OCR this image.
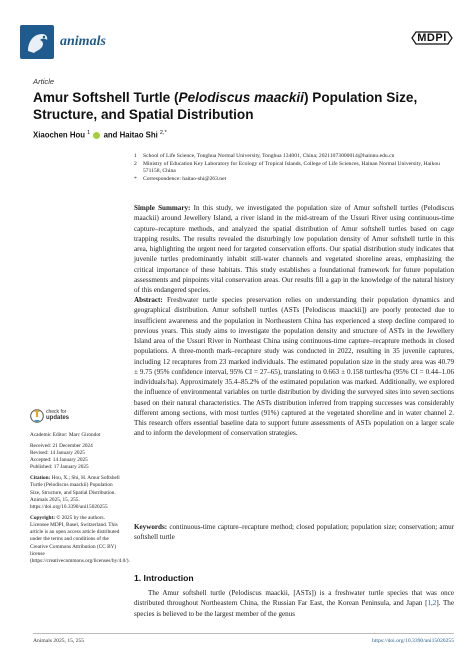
animals	MDPI
Article
Amur Softshell Turtle (Pelodiscus maackii) Population Size, Structure, and Spatial Distribution
Xiaochen Hou $^1$ and Haitao Shi $^{2,*}$
1	School of Life Science, Tonghua Normal University, Tonghua 134001, China; 20211073000014@hainnu.edu.cn
2	Ministry of Education Key Laboratory for Ecology of Tropical Islands, College of Life Sciences, Hainan Normal University, Haikou 571158, China
*	Correspondence: haitao-shi@263.net
Simple Summary: In this study, we investigated the population size of Amur softshell turtles (Pelodiscus maackii) around Jewellery Island, a river island in the mid-stream of the Ussuri River using continuous-time capture–recapture methods, and analyzed the spatial distribution of Amur softshell turtles based on cage trapping results. The results revealed the disturbingly low population density of Amur softshell turtle in this area, highlighting the urgent need for targeted conservation efforts. Our spatial distribution study indicates that juvenile turtles predominantly inhabit still-water channels and vegetated shoreline areas, emphasizing the critical importance of these habitats. This study establishes a foundational framework for future population assessments and pinpoints vital conservation areas. Our results fill a gap in the knowledge of the natural history of this endangered species.
Abstract: Freshwater turtle species preservation relies on understanding their population dynamics and geographical distribution. Amur softshell turtles (ASTs [Pelodiscus maackii]) are poorly protected due to insufficient awareness and the population in Northeastern China has experienced a steep decline compared to previous years. This study aims to investigate the population density and structure of ASTs in the Jewellery Island area of the Ussuri River in Northeast China using continuous-time capture–recapture methods in closed populations. A three-month mark–recapture study was conducted in 2022, resulting in 35 juvenile captures, including 12 recaptures from 23 marked individuals. The estimated population size in the study area was 40.79 ± 9.75 (95% confidence interval, 95% CI = 27–65), translating to 0.663 ± 0.158 turtles/ha (95% CI = 0.44–1.06 individuals/ha). Approximately 35.4–85.2% of the estimated population was marked. Additionally, we explored the influence of environmental variables on turtle distribution by dividing the surveyed sites into seven sections based on their natural characteristics. The ASTs distribution inferred from trapping successes was considerably different among sections, with most turtles (91%) captured at the vegetated shoreline and in water channel 2. This research offers essential baseline data to support future assessments of ASTs population on a larger scale and to inform the development of conservation strategies.
Keywords: continuous-time capture–recapture method; closed population; population size; conservation; amur softshell turtle
check for
updates

Academic Editor: Marc Girondot

Received: 21 December 2024
Revised: 14 January 2025
Accepted: 14 January 2025

Published: 17 January 2025

Citation: Hou, X.; Shi, H. Amur Softshell Turtle (Pelodiscus maackii) Population Size, Structure, and Spatial Distribution. Animals 2025, 15, 255. https://doi.org/10.3390/ani15020255

Copyright: © 2025 by the authors. Licensee MDPI, Basel, Switzerland. This article is an open access article distributed under the terms and conditions of the Creative Commons Attribution (CC BY) license (https://creativecommons.org/licenses/by/4.0/).

1. Introduction
The Amur softshell turtle (Pelodiscus maackii, [ASTs]) is a freshwater turtle species that was once distributed throughout Northeastern China, the Russian Far East, the Korean Peninsula, and Japan [1,2]. The species is believed to be the largest member of the genus
Animals 2025, 15, 255	https://doi.org/10.3390/ani15020255
